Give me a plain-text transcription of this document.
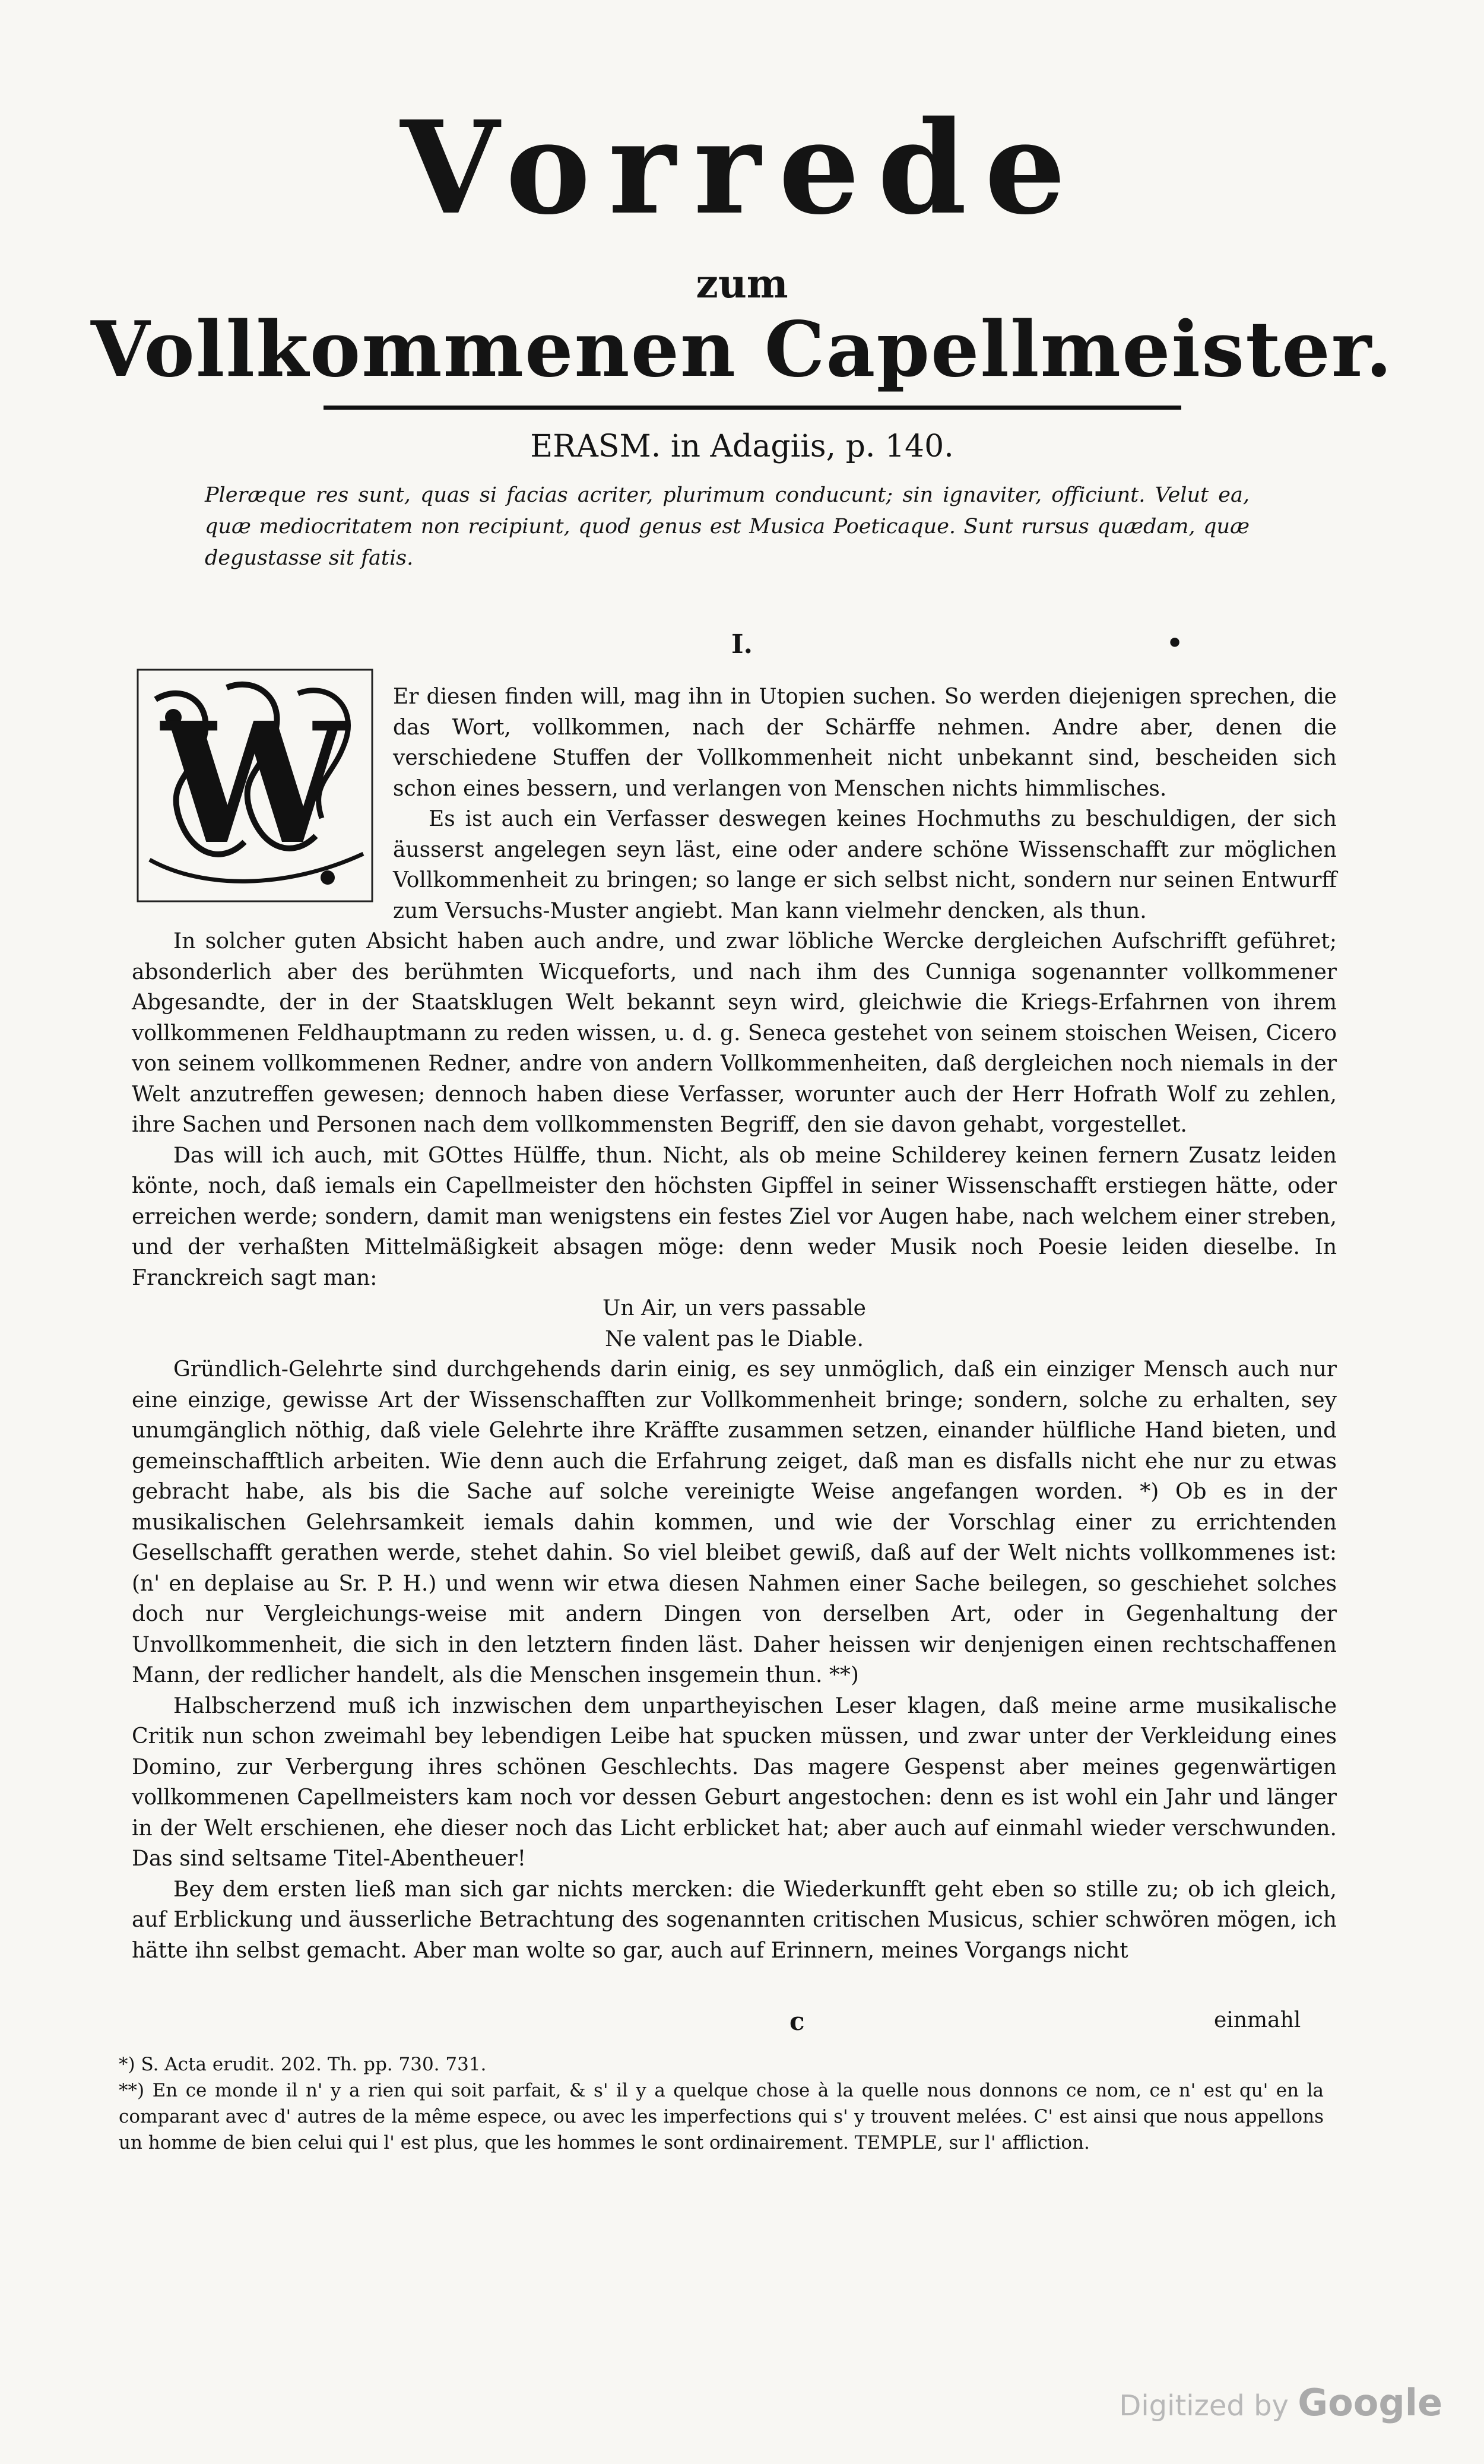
Vorrede
zum
Vollkommenen Capellmeister.
ERASM. in Adagiis, p. 140.
Pleræque res sunt, quas si facias acriter, plurimum conducunt; sin ignaviter, officiunt. Velut ea, quæ mediocritatem non recipiunt, quod genus est Musica Poeticaque. Sunt rursus quædam, quæ degustasse sit fatis.
I.	•
W	Er diesen finden will, mag ihn in Utopien suchen. So werden diejenigen sprechen, die das Wort, vollkommen, nach der Schärffe nehmen. Andre aber, denen die verschiedene Stuffen der Vollkommenheit nicht unbekannt sind, bescheiden sich schon eines bessern, und verlangen von Menschen nichts himmlisches.

Es ist auch ein Verfasser deswegen keines Hochmuths zu beschuldigen, der sich äusserst angelegen seyn läst, eine oder andere schöne Wissenschafft zur möglichen Vollkommenheit zu bringen; so lange er sich selbst nicht, sondern nur seinen Entwurff zum Versuchs-Muster angiebt. Man kann vielmehr dencken, als thun.

In solcher guten Absicht haben auch andre, und zwar löbliche Wercke dergleichen Aufschrifft geführet; absonderlich aber des berühmten Wicqueforts, und nach ihm des Cunniga sogenannter vollkommener Abgesandte, der in der Staatsklugen Welt bekannt seyn wird, gleichwie die Kriegs-Erfahrnen von ihrem vollkommenen Feldhauptmann zu reden wissen, u. d. g. Seneca gestehet von seinem stoischen Weisen, Cicero von seinem vollkommenen Redner, andre von andern Vollkommenheiten, daß dergleichen noch niemals in der Welt anzutreffen gewesen; dennoch haben diese Verfasser, worunter auch der Herr Hofrath Wolf zu zehlen, ihre Sachen und Personen nach dem vollkommensten Begriff, den sie davon gehabt, vorgestellet.

Das will ich auch, mit GOttes Hülffe, thun. Nicht, als ob meine Schilderey keinen fernern Zusatz leiden könte, noch, daß iemals ein Capellmeister den höchsten Gipffel in seiner Wissenschafft erstiegen hätte, oder erreichen werde; sondern, damit man wenigstens ein festes Ziel vor Augen habe, nach welchem einer streben, und der verhaßten Mittelmäßigkeit absagen möge: denn weder Musik noch Poesie leiden dieselbe. In Franckreich sagt man:

Un Air, un vers passable

Ne valent pas le Diable.

Gründlich-Gelehrte sind durchgehends darin einig, es sey unmöglich, daß ein einziger Mensch auch nur eine einzige, gewisse Art der Wissenschafften zur Vollkommenheit bringe; sondern, solche zu erhalten, sey unumgänglich nöthig, daß viele Gelehrte ihre Kräffte zusammen setzen, einander hülfliche Hand bieten, und gemeinschafftlich arbeiten. Wie denn auch die Erfahrung zeiget, daß man es disfalls nicht ehe nur zu etwas gebracht habe, als bis die Sache auf solche vereinigte Weise angefangen worden. *) Ob es in der musikalischen Gelehrsamkeit iemals dahin kommen, und wie der Vorschlag einer zu errichtenden Gesellschafft gerathen werde, stehet dahin. So viel bleibet gewiß, daß auf der Welt nichts vollkommenes ist: (n' en deplaise au Sr. P. H.) und wenn wir etwa diesen Nahmen einer Sache beilegen, so geschiehet solches doch nur Vergleichungs-weise mit andern Dingen von derselben Art, oder in Gegenhaltung der Unvollkommenheit, die sich in den letztern finden läst. Daher heissen wir denjenigen einen rechtschaffenen Mann, der redlicher handelt, als die Menschen insgemein thun. **)

Halbscherzend muß ich inzwischen dem unpartheyischen Leser klagen, daß meine arme musikalische Critik nun schon zweimahl bey lebendigen Leibe hat spucken müssen, und zwar unter der Verkleidung eines Domino, zur Verbergung ihres schönen Geschlechts. Das magere Gespenst aber meines gegenwärtigen vollkommenen Capellmeisters kam noch vor dessen Geburt angestochen: denn es ist wohl ein Jahr und länger in der Welt erschienen, ehe dieser noch das Licht erblicket hat; aber auch auf einmahl wieder verschwunden. Das sind seltsame Titel-Abentheuer!

Bey dem ersten ließ man sich gar nichts mercken: die Wiederkunfft geht eben so stille zu; ob ich gleich, auf Erblickung und äusserliche Betrachtung des sogenannten critischen Musicus, schier schwören mögen, ich hätte ihn selbst gemacht. Aber man wolte so gar, auch auf Erinnern, meines Vorgangs nicht

c	einmahl

*) S. Acta erudit. 202. Th. pp. 730. 731.

**) En ce monde il n' y a rien qui soit parfait, & s' il y a quelque chose à la quelle nous donnons ce nom, ce n' est qu' en la comparant avec d' autres de la même espece, ou avec les imperfections qui s' y trouvent melées. C' est ainsi que nous appellons un homme de bien celui qui l' est plus, que les hommes le sont ordinairement. TEMPLE, sur l' affliction.

Digitized by Google
